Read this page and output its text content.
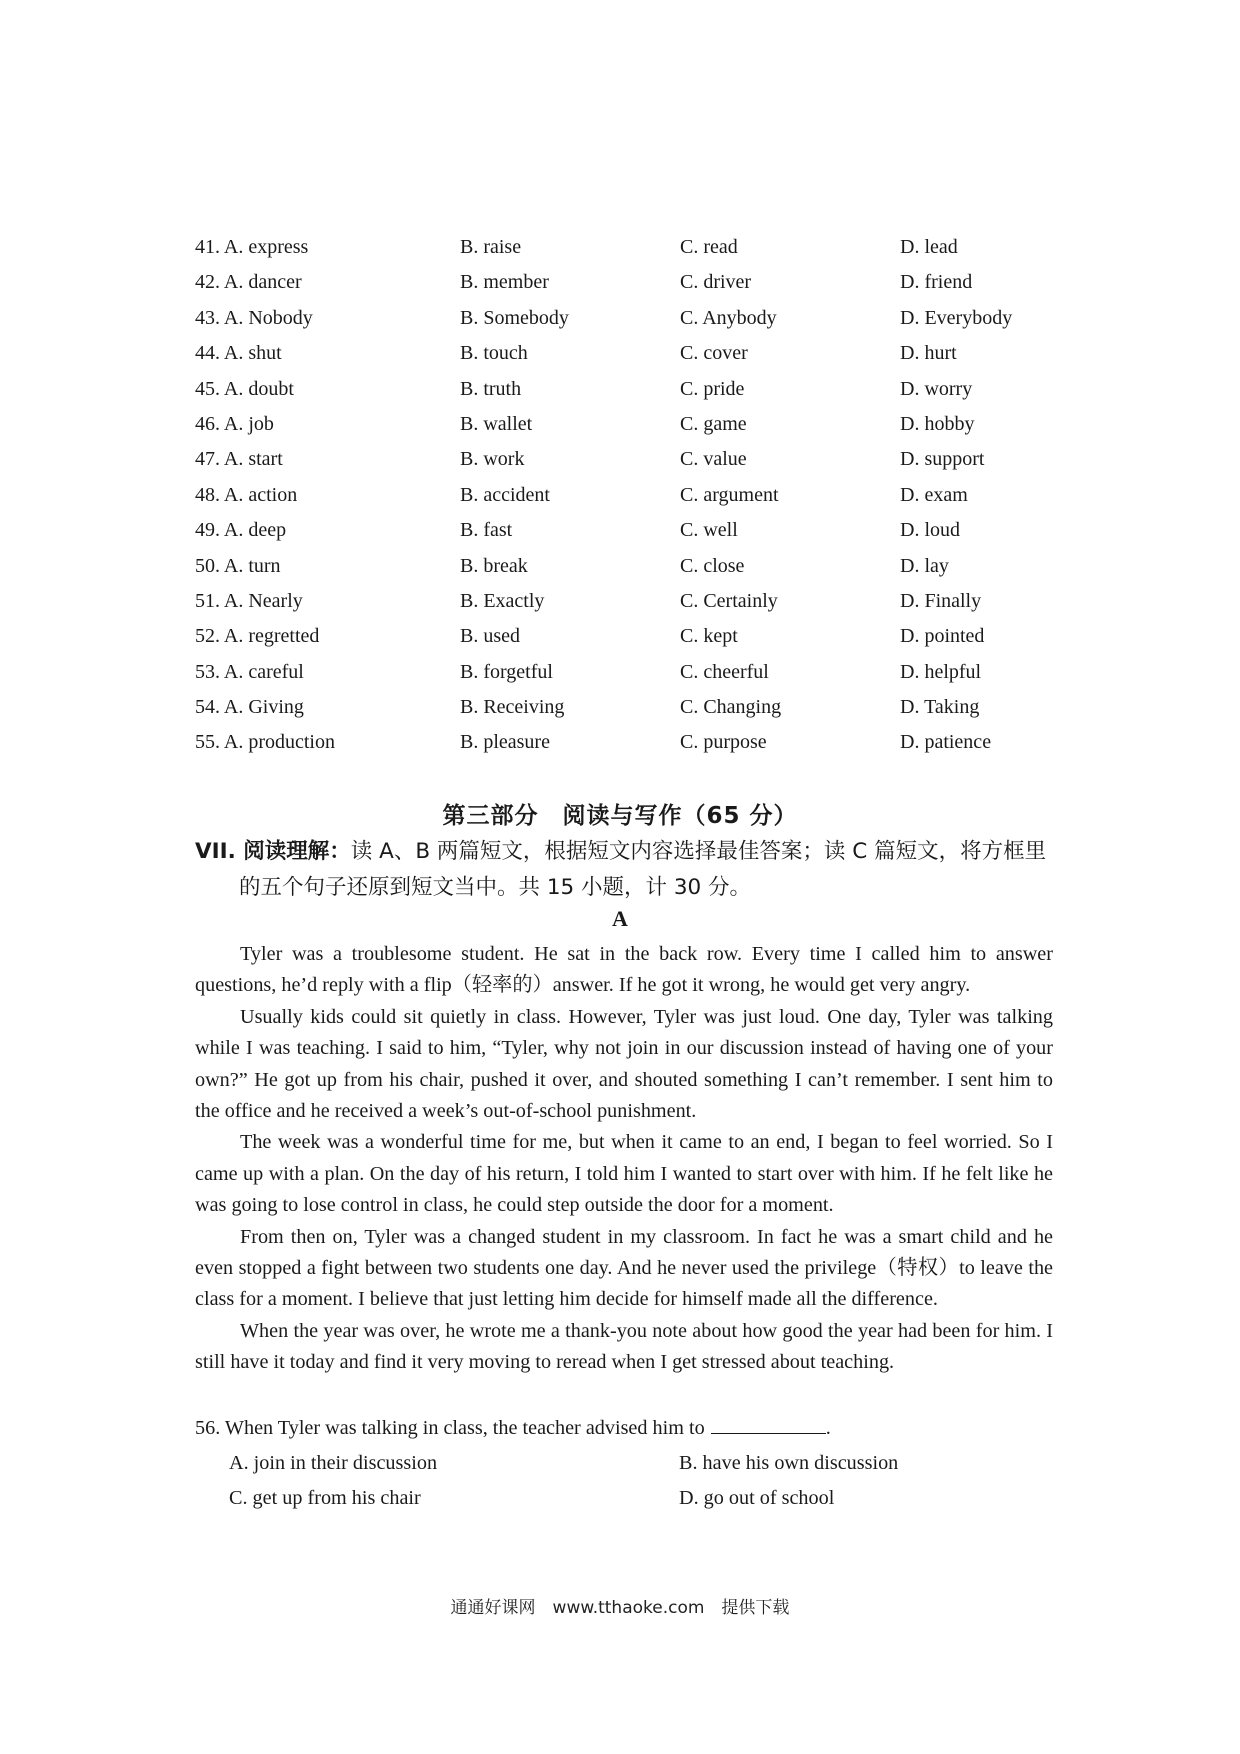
41. A. express	B. raise	C. read	D. lead
42. A. dancer	B. member	C. driver	D. friend
43. A. Nobody	B. Somebody	C. Anybody	D. Everybody
44. A. shut	B. touch	C. cover	D. hurt
45. A. doubt	B. truth	C. pride	D. worry
46. A. job	B. wallet	C. game	D. hobby
47. A. start	B. work	C. value	D. support
48. A. action	B. accident	C. argument	D. exam
49. A. deep	B. fast	C. well	D. loud
50. A. turn	B. break	C. close	D. lay
51. A. Nearly	B. Exactly	C. Certainly	D. Finally
52. A. regretted	B. used	C. kept	D. pointed
53. A. careful	B. forgetful	C. cheerful	D. helpful
54. A. Giving	B. Receiving	C. Changing	D. Taking
55. A. production	B. pleasure	C. purpose	D. patience
第三部分　阅读与写作（65 分）

VII. 阅读理解：读 A、B 两篇短文，根据短文内容选择最佳答案；读 C 篇短文，将方框里的五个句子还原到短文当中。共 15 小题，计 30 分。

A

Tyler was a troublesome student. He sat in the back row. Every time I called him to answer questions, he’d reply with a flip（轻率的）answer. If he got it wrong, he would get very angry.

Usually kids could sit quietly in class. However, Tyler was just loud. One day, Tyler was talking while I was teaching. I said to him, “Tyler, why not join in our discussion instead of having one of your own?” He got up from his chair, pushed it over, and shouted something I can’t remember. I sent him to the office and he received a week’s out-of-school punishment.

The week was a wonderful time for me, but when it came to an end, I began to feel worried. So I came up with a plan. On the day of his return, I told him I wanted to start over with him. If he felt like he was going to lose control in class, he could step outside the door for a moment.

From then on, Tyler was a changed student in my classroom. In fact he was a smart child and he even stopped a fight between two students one day. And he never used the privilege（特权）to leave the class for a moment. I believe that just letting him decide for himself made all the difference.

When the year was over, he wrote me a thank-you note about how good the year had been for him. I still have it today and find it very moving to reread when I get stressed about teaching.

56. When Tyler was talking in class, the teacher advised him to	.
A. join in their discussion	B. have his own discussion
C. get up from his chair	D. go out of school
通通好课网　www.tthaoke.com　提供下载
